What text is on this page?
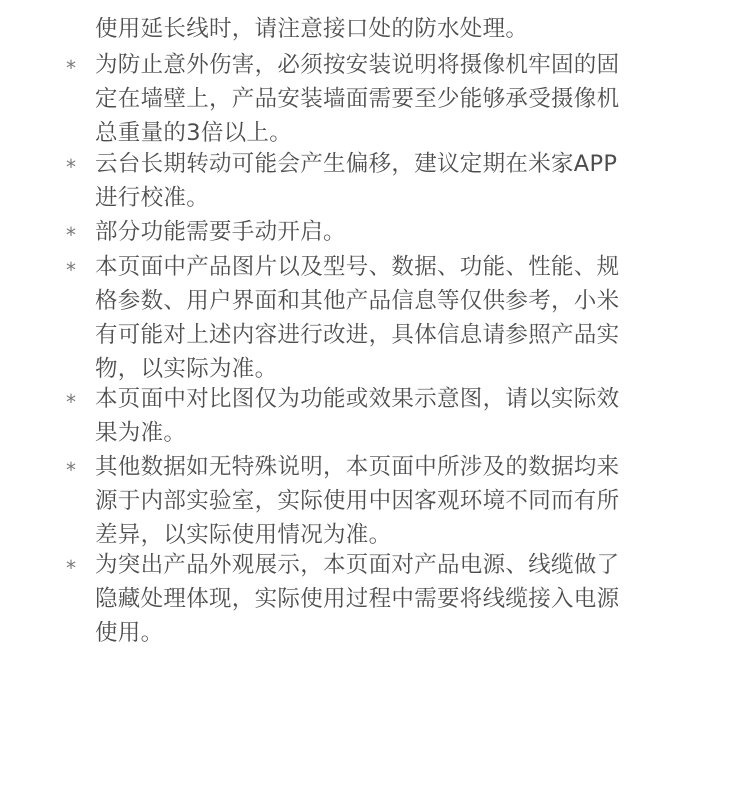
使用延长线时，请注意接口处的防水处理。
* 为防止意外伤害，必须按安装说明将摄像机牢固的固
定在墙壁上，产品安装墙面需要至少能够承受摄像机
总重量的3倍以上。
* 云台长期转动可能会产生偏移，建议定期在米家APP
进行校准。
* 部分功能需要手动开启。
* 本页面中产品图片以及型号、数据、功能、性能、规
格参数、用户界面和其他产品信息等仅供参考，小米
有可能对上述内容进行改进，具体信息请参照产品实
物，以实际为准。
* 本页面中对比图仅为功能或效果示意图，请以实际效
果为准。
* 其他数据如无特殊说明，本页面中所涉及的数据均来
源于内部实验室，实际使用中因客观环境不同而有所
差异，以实际使用情况为准。
* 为突出产品外观展示，本页面对产品电源、线缆做了
隐藏处理体现，实际使用过程中需要将线缆接入电源
使用。
